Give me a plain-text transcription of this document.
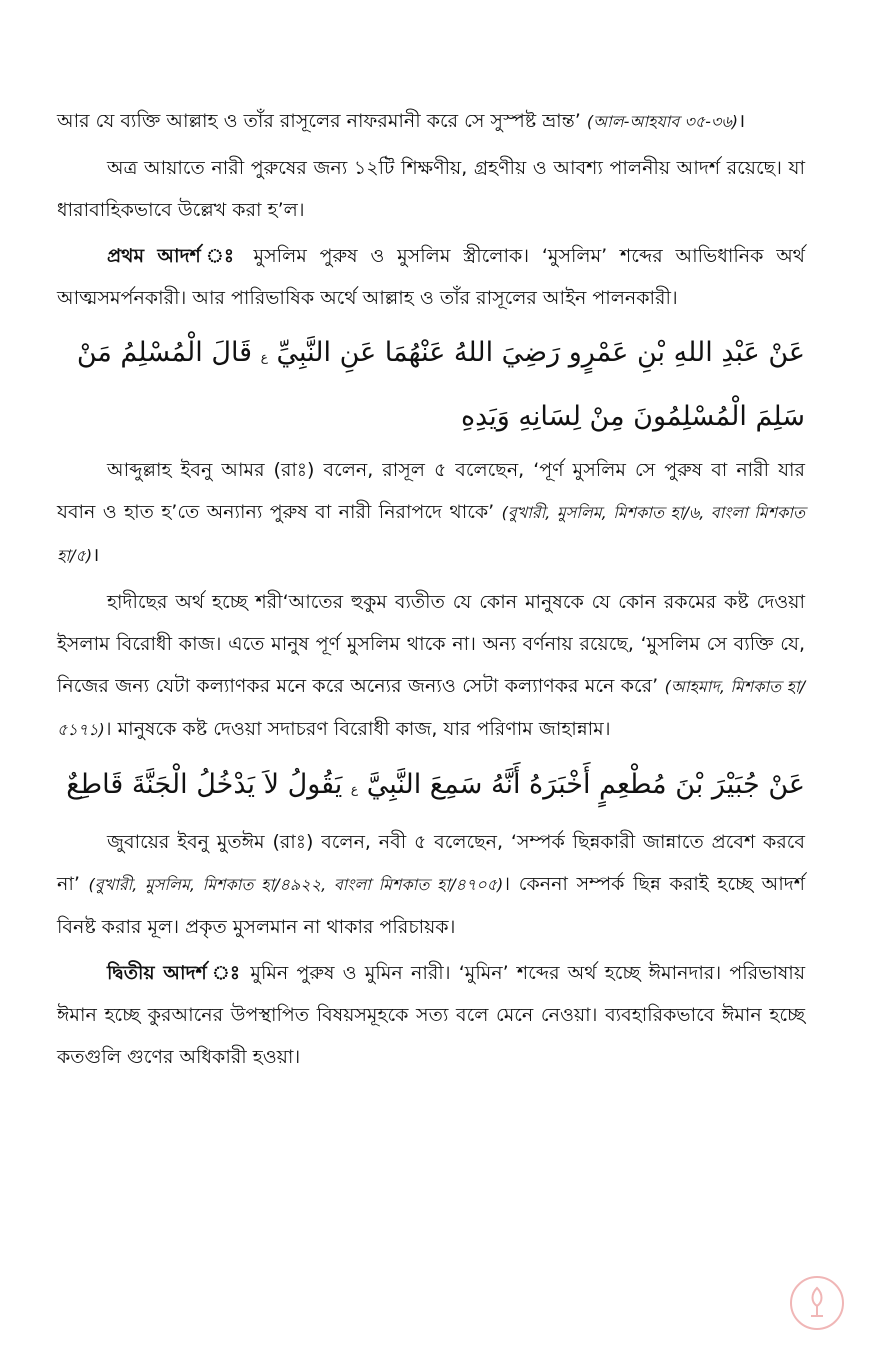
আর যে ব্যক্তি আল্লাহ ও তাঁর রাসূলের নাফরমানী করে সে সুস্পষ্ট ভ্রান্ত’ (আল-আহযাব ৩৫-৩৬)।

অত্র আয়াতে নারী পুরুষের জন্য ১২টি শিক্ষণীয়, গ্রহণীয় ও আবশ্য পালনীয় আদর্শ রয়েছে। যা ধারাবাহিকভাবে উল্লেখ করা হ’ল।

প্রথম আদর্শ ঃ মুসলিম পুরুষ ও মুসলিম স্ত্রীলোক। ‘মুসলিম’ শব্দের আভিধানিক অর্থ আত্মসমর্পনকারী। আর পারিভাষিক অর্থে আল্লাহ ও তাঁর রাসূলের আইন পালনকারী।

عَنْ عَبْدِ اللهِ بْنِ عَمْرٍو رَضِيَ اللهُ عَنْهُمَا عَنِ النَّبِيِّ ع قَالَ الْمُسْلِمُ مَنْ سَلِمَ الْمُسْلِمُونَ مِنْ لِسَانِهِ وَيَدِهِ

আব্দুল্লাহ ইবনু আমর (রাঃ) বলেন, রাসূল ৫ বলেছেন, ‘পূর্ণ মুসলিম সে পুরুষ বা নারী যার যবান ও হাত হ’তে অন্যান্য পুরুষ বা নারী নিরাপদে থাকে’ (বুখারী, মুসলিম, মিশকাত হা/৬, বাংলা মিশকাত হা/৫)।

হাদীছের অর্থ হচ্ছে শরী‘আতের হুকুম ব্যতীত যে কোন মানুষকে যে কোন রকমের কষ্ট দেওয়া ইসলাম বিরোধী কাজ। এতে মানুষ পূর্ণ মুসলিম থাকে না। অন্য বর্ণনায় রয়েছে, ‘মুসলিম সে ব্যক্তি যে, নিজের জন্য যেটা কল্যাণকর মনে করে অন্যের জন্যও সেটা কল্যাণকর মনে করে’ (আহমাদ, মিশকাত হা/৫১৭১)। মানুষকে কষ্ট দেওয়া সদাচরণ বিরোধী কাজ, যার পরিণাম জাহান্নাম।

عَنْ جُبَيْرَ بْنَ مُطْعِمٍ أَخْبَرَهُ أَنَّهُ سَمِعَ النَّبِيَّ ع يَقُولُ لاَ يَدْخُلُ الْجَنَّةَ قَاطِعٌ

জুবায়ের ইবনু মুতঈম (রাঃ) বলেন, নবী ৫ বলেছেন, ‘সম্পর্ক ছিন্নকারী জান্নাতে প্রবেশ করবে না’ (বুখারী, মুসলিম, মিশকাত হা/৪৯২২, বাংলা মিশকাত হা/৪৭০৫)। কেননা সম্পর্ক ছিন্ন করাই হচ্ছে আদর্শ বিনষ্ট করার মূল। প্রকৃত মুসলমান না থাকার পরিচায়ক।

দ্বিতীয় আদর্শ ঃ মুমিন পুরুষ ও মুমিন নারী। ‘মুমিন’ শব্দের অর্থ হচ্ছে ঈমানদার। পরিভাষায় ঈমান হচ্ছে কুরআনের উপস্থাপিত বিষয়সমূহকে সত্য বলে মেনে নেওয়া। ব্যবহারিকভাবে ঈমান হচ্ছে কতগুলি গুণের অধিকারী হওয়া।
